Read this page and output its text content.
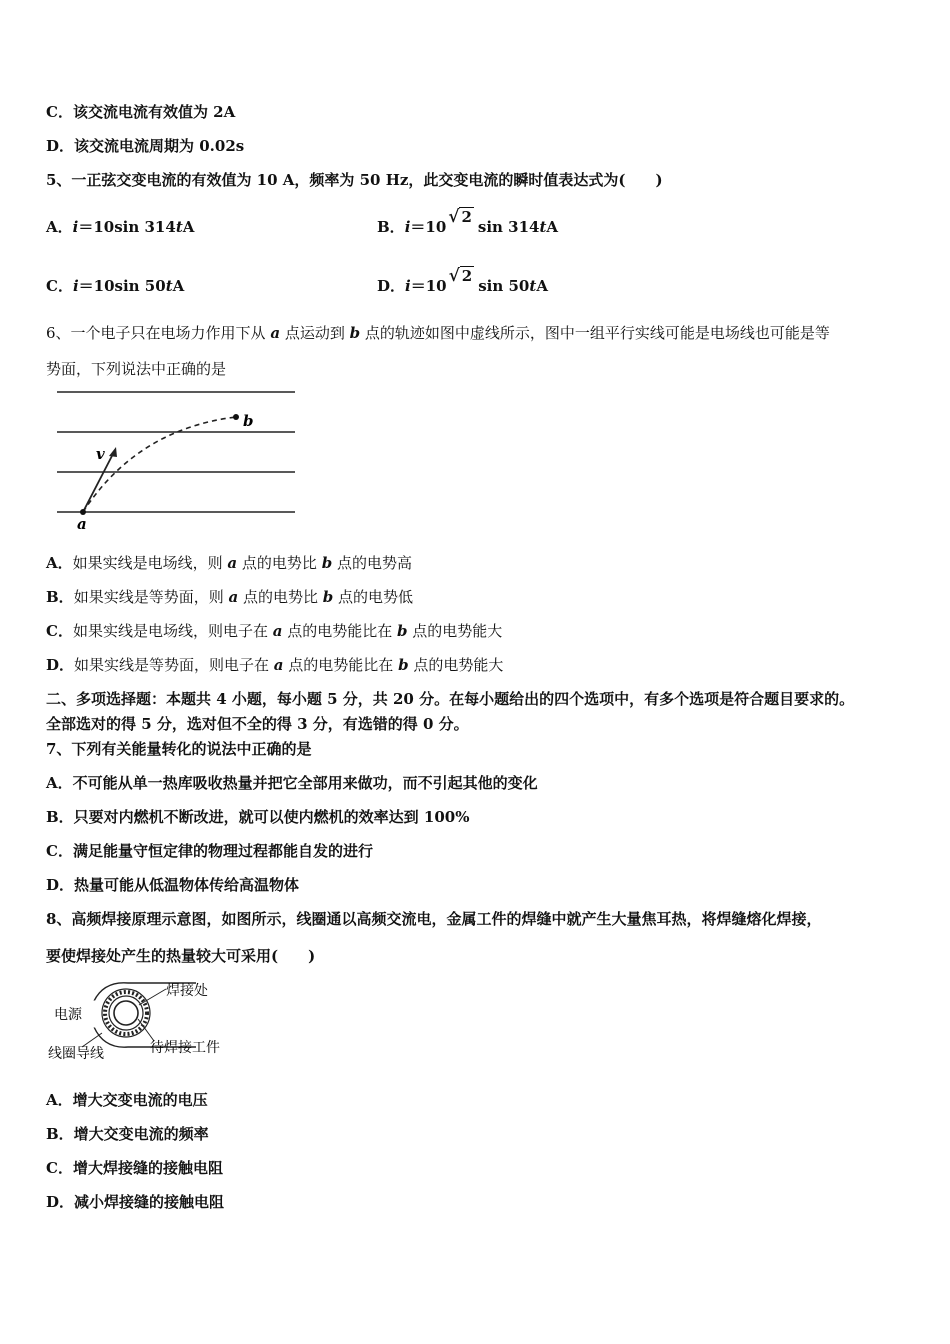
C．该交流电流有效值为 2A
D．该交流电流周期为 0.02s
5、一正弦交变电流的有效值为 10 A，频率为 50 Hz，此交变电流的瞬时值表达式为(　　)
A．i＝10sin 314tA	B．i＝10 √ 2sin 314tA
C．i＝10sin 50tA	D．i＝10 √ 2sin 50tA
6、一个电子只在电场力作用下从 a 点运动到 b 点的轨迹如图中虚线所示，图中一组平行实线可能是电场线也可能是等
势面，下列说法中正确的是
v
a
b
A．如果实线是电场线，则 a 点的电势比 b 点的电势高
B．如果实线是等势面，则 a 点的电势比 b 点的电势低
C．如果实线是电场线，则电子在 a 点的电势能比在 b 点的电势能大
D．如果实线是等势面，则电子在 a 点的电势能比在 b 点的电势能大
二、多项选择题：本题共 4 小题，每小题 5 分，共 20 分。在每小题给出的四个选项中，有多个选项是符合题目要求的。
全部选对的得 5 分，选对但不全的得 3 分，有选错的得 0 分。
7、下列有关能量转化的说法中正确的是
A．不可能从单一热库吸收热量并把它全部用来做功，而不引起其他的变化
B．只要对内燃机不断改进，就可以使内燃机的效率达到 100%
C．满足能量守恒定律的物理过程都能自发的进行
D．热量可能从低温物体传给高温物体
8、高频焊接原理示意图，如图所示，线圈通以高频交流电，金属工件的焊缝中就产生大量焦耳热，将焊缝熔化焊接，
要使焊接处产生的热量较大可采用(　　)
电源
焊接处
待焊接工件
线圈导线
A．增大交变电流的电压
B．增大交变电流的频率
C．增大焊接缝的接触电阻
D．减小焊接缝的接触电阻
